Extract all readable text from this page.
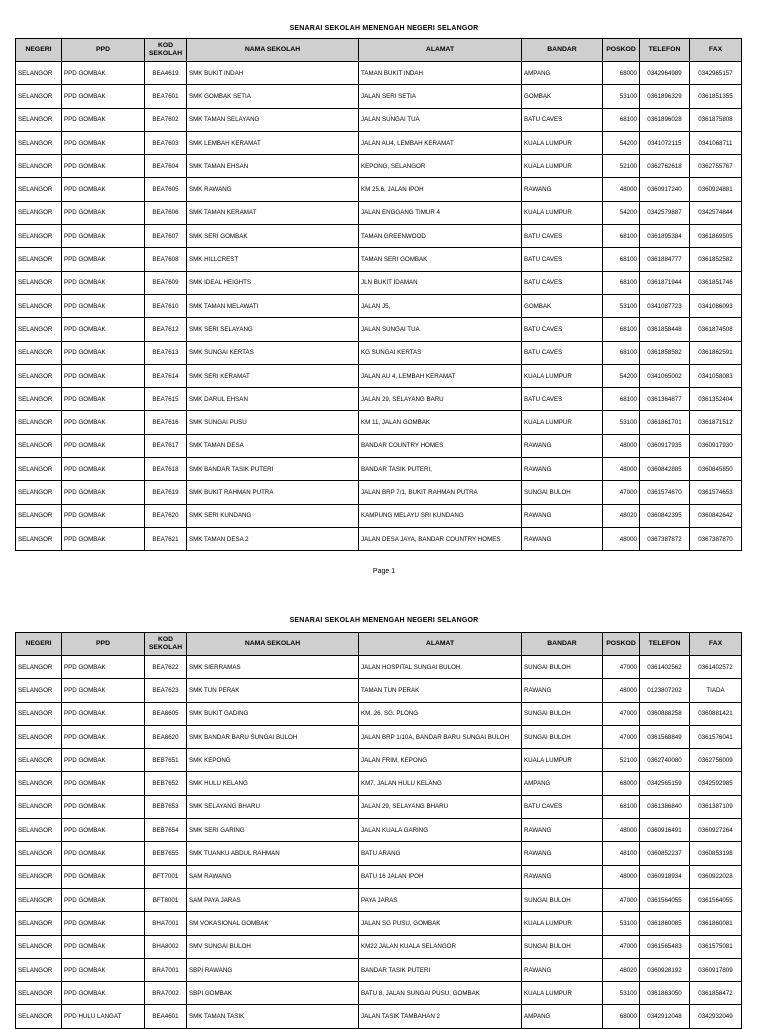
SENARAI SEKOLAH MENENGAH NEGERI SELANGOR
NEGERI	PPD	KOD SEKOLAH	NAMA SEKOLAH	ALAMAT	BANDAR	POSKOD	TELEFON	FAX
SELANGOR	PPD GOMBAK	BEA4619	SMK BUKIT INDAH	TAMAN BUKIT INDAH	AMPANG	68000	0342964989	0342965157
SELANGOR	PPD GOMBAK	BEA7601	SMK GOMBAK SETIA	JALAN SERI SETIA	GOMBAK	53100	0361896329	0361851355
SELANGOR	PPD GOMBAK	BEA7602	SMK TAMAN SELAYANG	JALAN SUNGAI TUA	BATU CAVES	68100	0361896028	0361875808
SELANGOR	PPD GOMBAK	BEA7603	SMK LEMBAH KERAMAT	JALAN AU4, LEMBAH KERAMAT	KUALA LUMPUR	54200	0341072115	0341068711
SELANGOR	PPD GOMBAK	BEA7604	SMK TAMAN EHSAN	KEPONG, SELANGOR	KUALA LUMPUR	52100	0362762618	0362755767
SELANGOR	PPD GOMBAK	BEA7605	SMK RAWANG	KM 25.6, JALAN IPOH	RAWANG	48000	0360917240	0360924881
SELANGOR	PPD GOMBAK	BEA7606	SMK TAMAN KERAMAT	JALAN ENGGANG TIMUR 4	KUALA LUMPUR	54200	0342579887	0342574844
SELANGOR	PPD GOMBAK	BEA7607	SMK SERI GOMBAK	TAMAN GREENWOOD	BATU CAVES	68100	0361895384	0361869505
SELANGOR	PPD GOMBAK	BEA7608	SMK HILLCREST	TAMAN SERI GOMBAK	BATU CAVES	68100	0361884777	0361852582
SELANGOR	PPD GOMBAK	BEA7609	SMK IDEAL HEIGHTS	JLN BUKIT IDAMAN	BATU CAVES	68100	0361871944	0361851746
SELANGOR	PPD GOMBAK	BEA7610	SMK TAMAN MELAWATI	JALAN J5,	GOMBAK	53100	0341087723	0341086093
SELANGOR	PPD GOMBAK	BEA7612	SMK SERI SELAYANG	JALAN SUNGAI TUA	BATU CAVES	68100	0361858448	0361874508
SELANGOR	PPD GOMBAK	BEA7613	SMK SUNGAI KERTAS	KG SUNGAI KERTAS	BATU CAVES	68100	0361858582	0361862591
SELANGOR	PPD GOMBAK	BEA7614	SMK SERI KERAMAT	JALAN AU 4, LEMBAH KERAMAT	KUALA LUMPUR	54200	0341065002	0341058083
SELANGOR	PPD GOMBAK	BEA7615	SMK DARUL EHSAN	JALAN 29, SELAYANG BARU	BATU CAVES	68100	0361364877	0361352404
SELANGOR	PPD GOMBAK	BEA7616	SMK SUNGAI PUSU	KM 11, JALAN GOMBAK	KUALA LUMPUR	53100	0361861701	0361871512
SELANGOR	PPD GOMBAK	BEA7617	SMK TAMAN DESA	BANDAR COUNTRY HOMES	RAWANG	48000	0360917935	0360917930
SELANGOR	PPD GOMBAK	BEA7618	SMK BANDAR TASIK PUTERI	BANDAR TASIK PUTERI,	RAWANG	48000	0360842885	0360845850
SELANGOR	PPD GOMBAK	BEA7619	SMK BUKIT RAHMAN PUTRA	JALAN BRP 7/1, BUKIT RAHMAN PUTRA	SUNGAI BULOH	47000	0361574670	0361574653
SELANGOR	PPD GOMBAK	BEA7620	SMK SERI KUNDANG	KAMPUNG MELAYU SRI KUNDANG	RAWANG	48020	0360842395	0360842642
SELANGOR	PPD GOMBAK	BEA7621	SMK TAMAN DESA 2	JALAN DESA JAYA, BANDAR COUNTRY HOMES	RAWANG	48000	0367387872	0367387870
Page 1
SENARAI SEKOLAH MENENGAH NEGERI SELANGOR
NEGERI	PPD	KOD SEKOLAH	NAMA SEKOLAH	ALAMAT	BANDAR	POSKOD	TELEFON	FAX
SELANGOR	PPD GOMBAK	BEA7622	SMK SIERRAMAS	JALAN HOSPITAL SUNGAI BULOH.	SUNGAI BULOH	47000	0361402562	0361402572
SELANGOR	PPD GOMBAK	BEA7623	SMK TUN PERAK	TAMAN TUN PERAK	RAWANG	48000	0123807202	TIADA
SELANGOR	PPD GOMBAK	BEA8605	SMK BUKIT GADING	KM. 26, SG. PLONG	SUNGAI BULOH	47000	0360888258	0360881421
SELANGOR	PPD GOMBAK	BEA8620	SMK BANDAR BARU SUNGAI BULOH	JALAN BRP 1/10A, BANDAR BARU SUNGAI BULOH	SUNGAI BULOH	47000	0361568849	0361576041
SELANGOR	PPD GOMBAK	BEB7651	SMK KEPONG	JALAN FRIM, KEPONG	KUALA LUMPUR	52100	0362740080	0362756009
SELANGOR	PPD GOMBAK	BEB7652	SMK HULU KELANG	KM7, JALAN HULU KELANG	AMPANG	68000	0342565159	0342592985
SELANGOR	PPD GOMBAK	BEB7653	SMK SELAYANG BHARU	JALAN 29, SELAYANG BHARU	BATU CAVES	68100	0361386840	0361387109
SELANGOR	PPD GOMBAK	BEB7654	SMK SERI GARING	JALAN KUALA GARING	RAWANG	48000	0360916491	0360927264
SELANGOR	PPD GOMBAK	BEB7655	SMK TUANKU ABDUL RAHMAN	BATU ARANG	RAWANG	48100	0360852237	0360853198
SELANGOR	PPD GOMBAK	BFT7001	SAM RAWANG	BATU 16 JALAN IPOH	RAWANG	48000	0360918934	0360922028
SELANGOR	PPD GOMBAK	BFT8001	SAM PAYA JARAS	PAYA JARAS	SUNGAI BULOH	47000	0361564055	0361564055
SELANGOR	PPD GOMBAK	BHA7001	SM VOKASIONAL GOMBAK	JALAN SG PUSU, GOMBAK	KUALA LUMPUR	53100	0361860085	0361860081
SELANGOR	PPD GOMBAK	BHA8002	SMV SUNGAI BULOH	KM22 JALAN KUALA SELANGOR	SUNGAI BULOH	47000	0361565483	0361575081
SELANGOR	PPD GOMBAK	BRA7001	SBPI RAWANG	BANDAR TASIK PUTERI	RAWANG	48020	0360928192	0360917809
SELANGOR	PPD GOMBAK	BRA7002	SBPI GOMBAK	BATU 8, JALAN SUNGAI PUSU, GOMBAK	KUALA LUMPUR	53100	0361863050	0361858472
SELANGOR	PPD HULU LANGAT	BEA4601	SMK TAMAN TASIK	JALAN TASIK TAMBAHAN 2	AMPANG	68000	0342912048	0342932049
